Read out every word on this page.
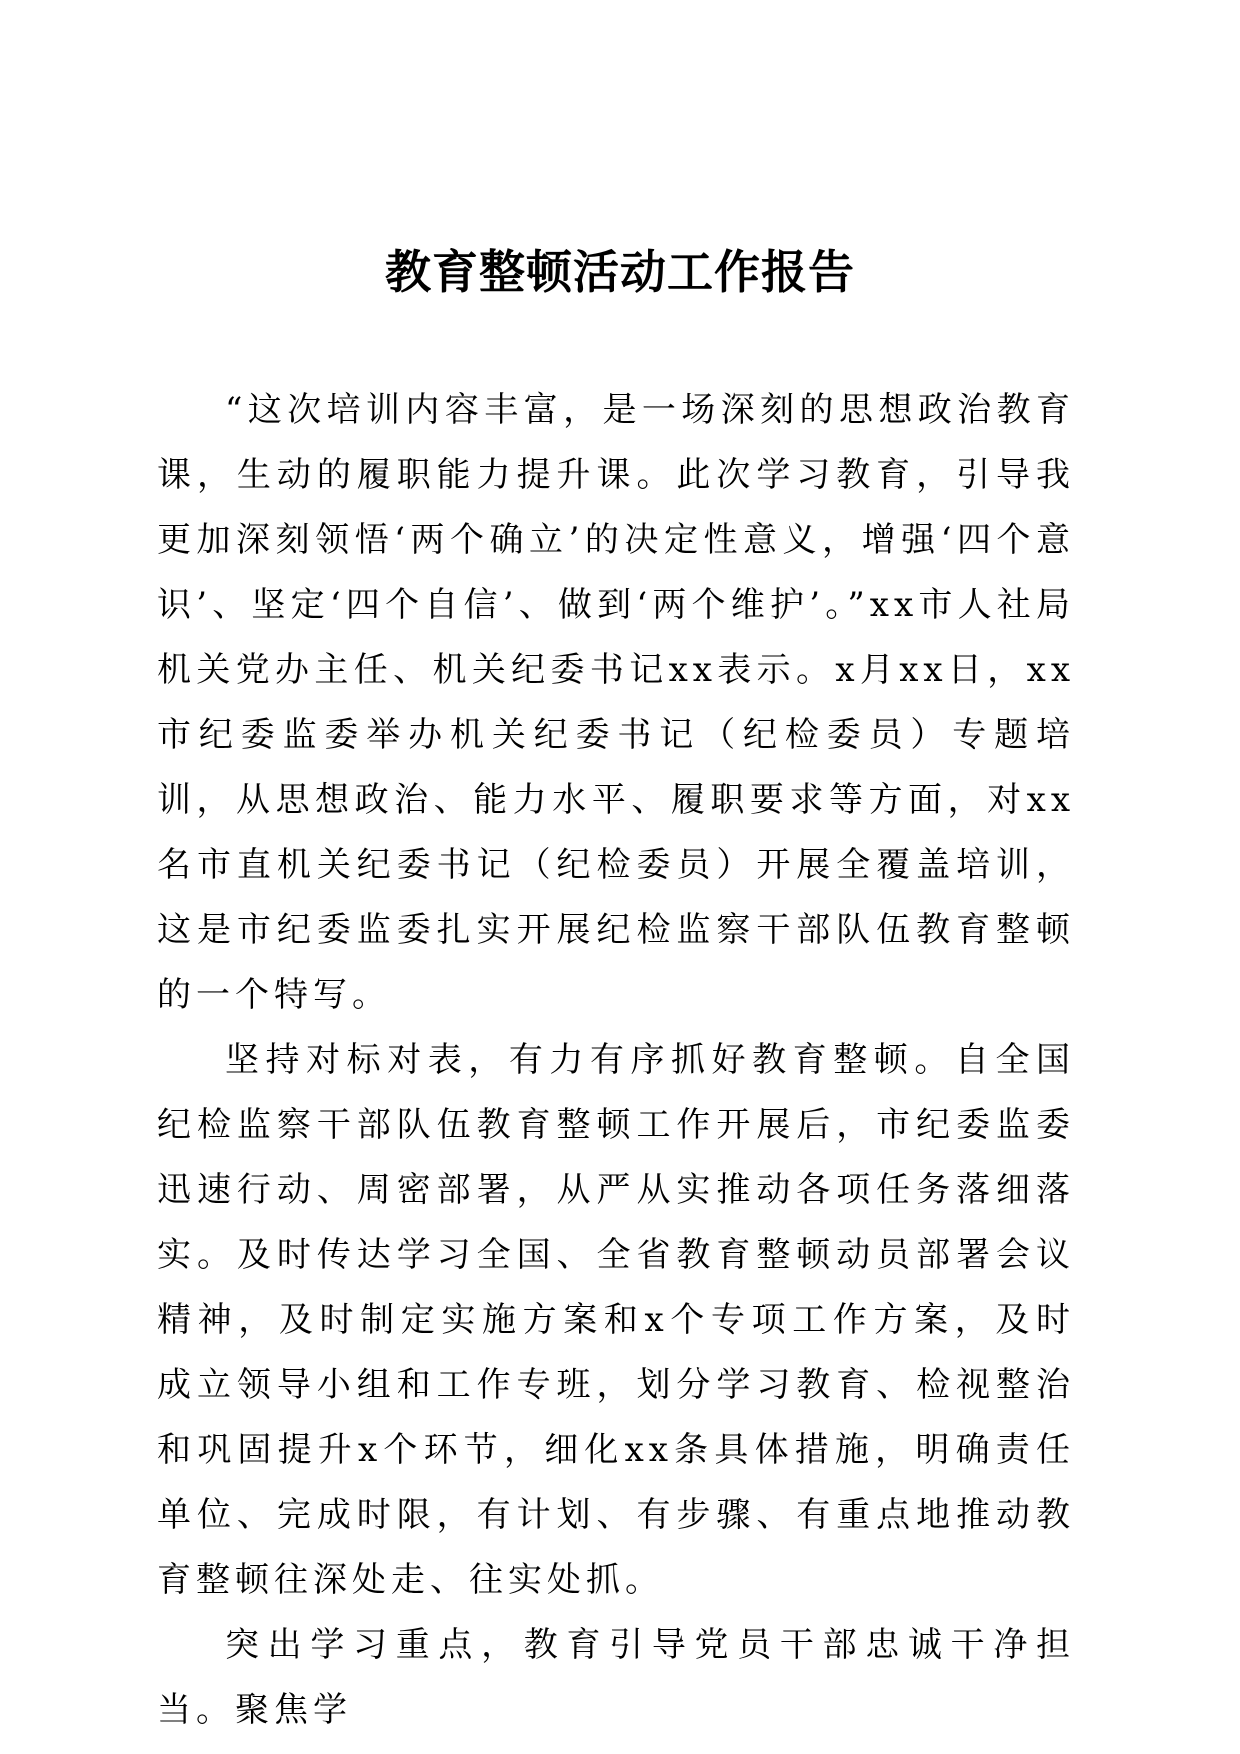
教育整顿活动工作报告

“这次培训内容丰富，是一场深刻的思想政治教育课，生动的履职能力提升课。此次学习教育，引导我更加深刻领悟‘两个确立’的决定性意义，增强‘四个意识’、坚定‘四个自信’、做到‘两个维护’。”xx市人社局机关党办主任、机关纪委书记xx表示。x月xx日，xx市纪委监委举办机关纪委书记（纪检委员）专题培训，从思想政治、能力水平、履职要求等方面，对xx名市直机关纪委书记（纪检委员）开展全覆盖培训，这是市纪委监委扎实开展纪检监察干部队伍教育整顿的一个特写。

坚持对标对表，有力有序抓好教育整顿。自全国纪检监察干部队伍教育整顿工作开展后，市纪委监委迅速行动、周密部署，从严从实推动各项任务落细落实。及时传达学习全国、全省教育整顿动员部署会议精神，及时制定实施方案和x个专项工作方案，及时成立领导小组和工作专班，划分学习教育、检视整治和巩固提升x个环节，细化xx条具体措施，明确责任单位、完成时限，有计划、有步骤、有重点地推动教育整顿往深处走、往实处抓。

突出学习重点，教育引导党员干部忠诚干净担当。聚焦学
